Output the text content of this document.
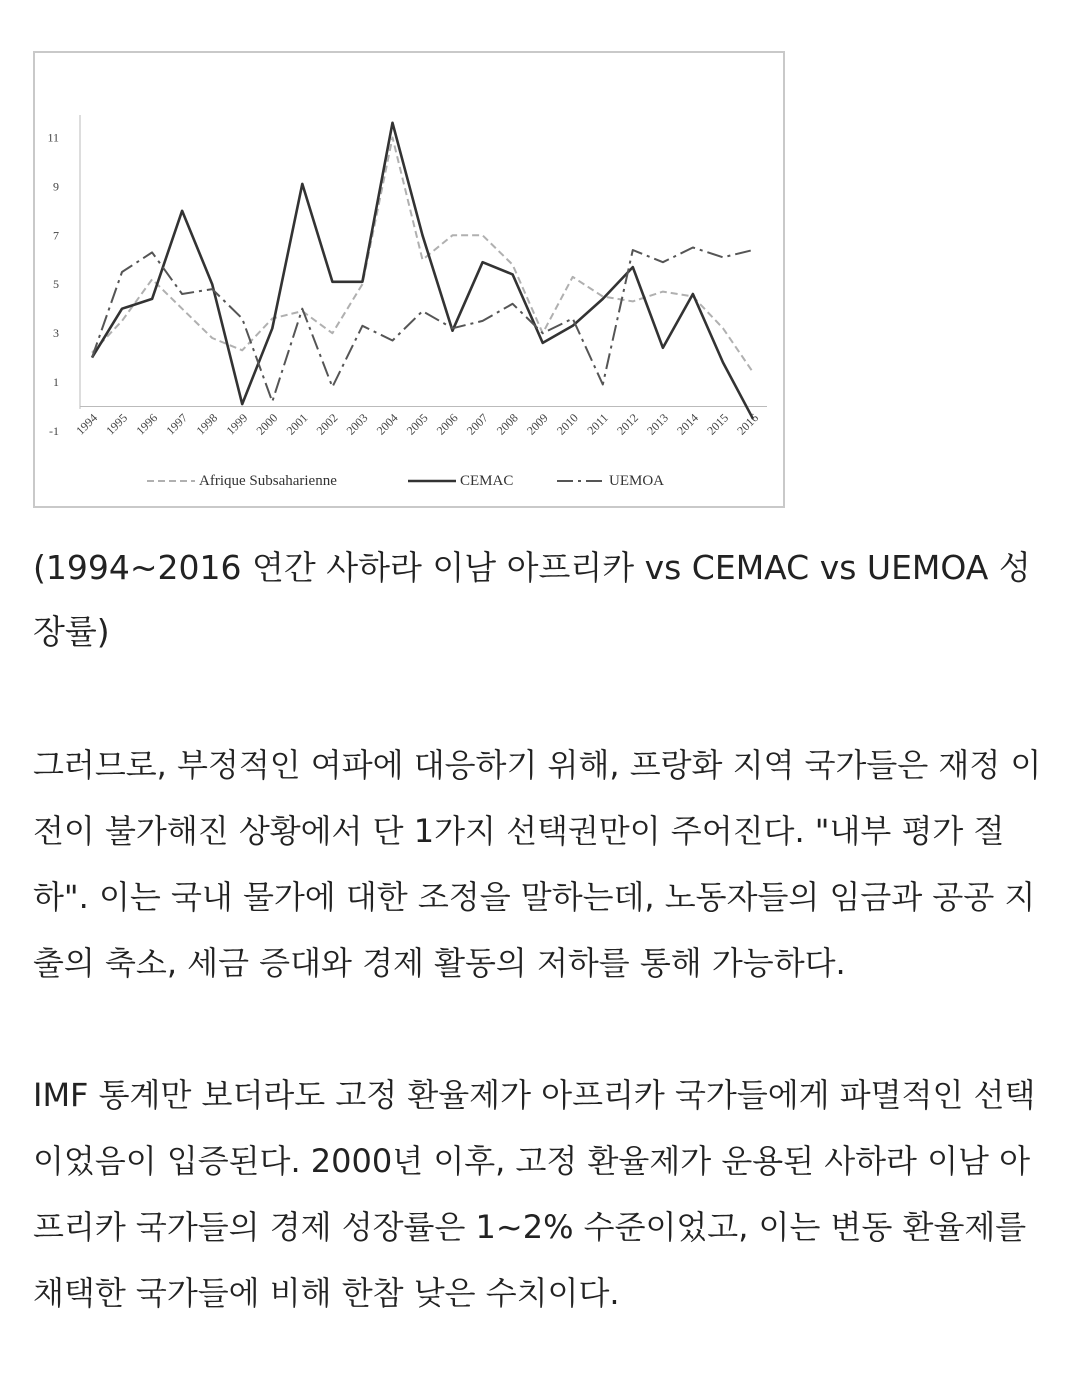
-1
1
3
5
7
9
11
1994 1995 1996 1997 1998 1999 2000 2001 2002 2003 2004 2005 2006 2007 2008 2009 2010 2011 2012 2013 2014 2015 2016
Afrique Subsaharienne	CEMAC	UEMOA

(1994~2016 연간 사하라 이남 아프리카 vs CEMAC vs UEMOA 성장률)

그러므로, 부정적인 여파에 대응하기 위해, 프랑화 지역 국가들은 재정 이전이 불가해진 상황에서 단 1가지 선택권만이 주어진다. "내부 평가 절하". 이는 국내 물가에 대한 조정을 말하는데, 노동자들의 임금과 공공 지출의 축소, 세금 증대와 경제 활동의 저하를 통해 가능하다.

IMF 통계만 보더라도 고정 환율제가 아프리카 국가들에게 파멸적인 선택이었음이 입증된다. 2000년 이후, 고정 환율제가 운용된 사하라 이남 아프리카 국가들의 경제 성장률은 1~2% 수준이었고, 이는 변동 환율제를 채택한 국가들에 비해 한참 낮은 수치이다.
